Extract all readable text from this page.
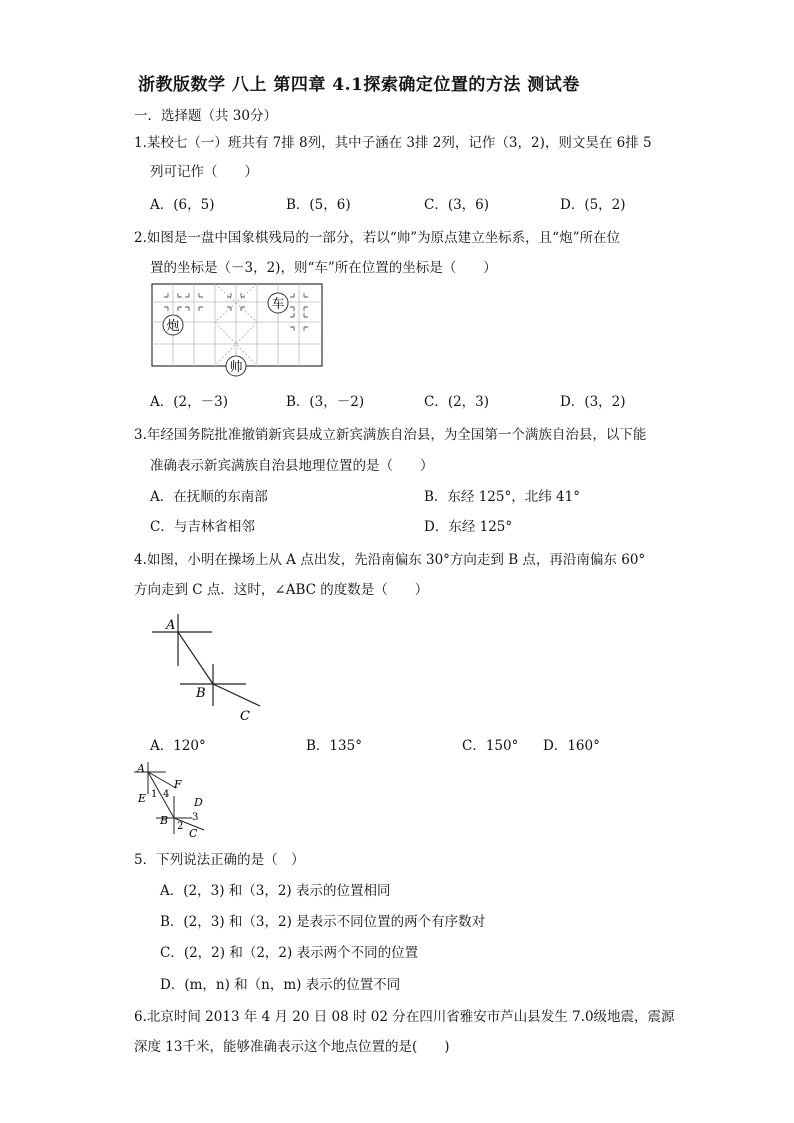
浙教版数学 八上 第四章 4.1探索确定位置的方法 测试卷
一．选择题（共 30分）
1.某校七（一）班共有 7排 8列，其中子涵在 3排 2列，记作（3，2)，则文昊在 6排 5
列可记作（　　）
A．(6，5)	B．(5，6)	C．(3，6)	D．(5，2)
2.如图是一盘中国象棋残局的一部分，若以“帅”为原点建立坐标系，且“炮”所在位
置的坐标是（－3，2)，则“车”所在位置的坐标是（　　）
车
炮
帅
A．(2，－3)	B．(3，－2)	C．(2，3)	D．(3，2)
3.年经国务院批准撤销新宾县成立新宾满族自治县，为全国第一个满族自治县，以下能
准确表示新宾满族自治县地理位置的是（　　）
A．在抚顺的东南部	B．东经 125°，北纬 41°
C．与吉林省相邻	D．东经 125°
4.如图，小明在操场上从 A 点出发，先沿南偏东 30°方向走到 B 点，再沿南偏东 60°
方向走到 C 点．这时，∠ABC 的度数是（　　）
A
B
C
A．120°	B．135°	C．150° D．160°
A
E
F
D
B
C
1 4
2
3
5．下列说法正确的是（　）
A．(2，3) 和（3，2) 表示的位置相同
B．(2，3) 和（3，2) 是表示不同位置的两个有序数对
C．(2，2) 和（2，2) 表示两个不同的位置
D．(m，n) 和（n，m) 表示的位置不同
6.北京时间 2013 年 4 月 20 日 08 时 02 分在四川省雅安市芦山县发生 7.0级地震，震源
深度 13千米，能够准确表示这个地点位置的是(　　)
